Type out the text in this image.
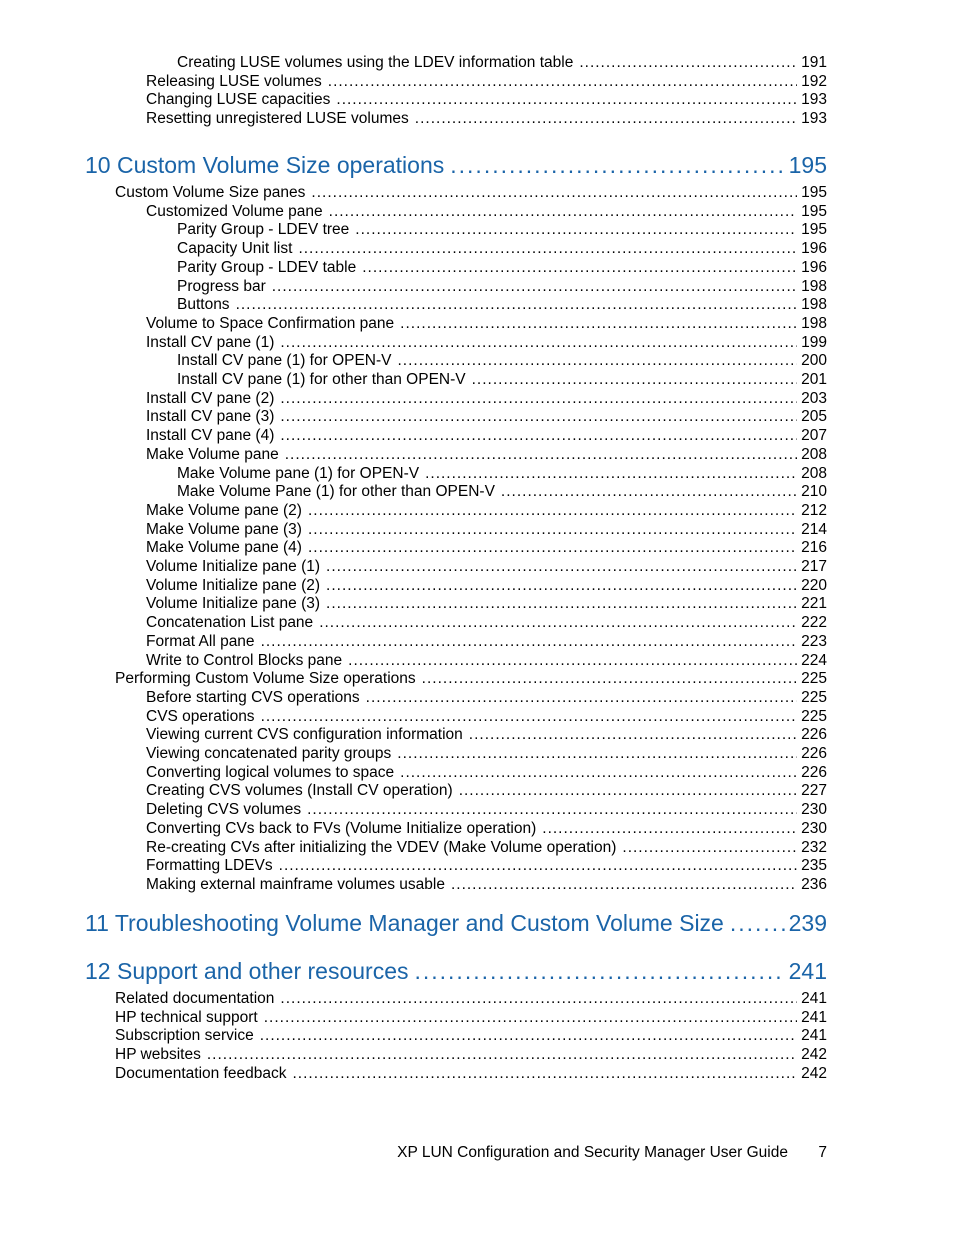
Creating LUSE volumes using the LDEV information table .....	191
Releasing LUSE volumes .....	192
Changing LUSE capacities .....	193
Resetting unregistered LUSE volumes .....	193
10 Custom Volume Size operations .....	195
Custom Volume Size panes .....	195
Customized Volume pane .....	195
Parity Group - LDEV tree .....	195
Capacity Unit list .....	196
Parity Group - LDEV table .....	196
Progress bar .....	198
Buttons .....	198
Volume to Space Confirmation pane .....	198
Install CV pane (1) .....	199
Install CV pane (1) for OPEN-V .....	200
Install CV pane (1) for other than OPEN-V .....	201
Install CV pane (2) .....	203
Install CV pane (3) .....	205
Install CV pane (4) .....	207
Make Volume pane .....	208
Make Volume pane (1) for OPEN-V .....	208
Make Volume Pane (1) for other than OPEN-V .....	210
Make Volume pane (2) .....	212
Make Volume pane (3) .....	214
Make Volume pane (4) .....	216
Volume Initialize pane (1) .....	217
Volume Initialize pane (2) .....	220
Volume Initialize pane (3) .....	221
Concatenation List pane .....	222
Format All pane .....	223
Write to Control Blocks pane .....	224
Performing Custom Volume Size operations .....	225
Before starting CVS operations .....	225
CVS operations .....	225
Viewing current CVS configuration information .....	226
Viewing concatenated parity groups .....	226
Converting logical volumes to space .....	226
Creating CVS volumes (Install CV operation) .....	227
Deleting CVS volumes .....	230
Converting CVs back to FVs (Volume Initialize operation) .....	230
Re-creating CVs after initializing the VDEV (Make Volume operation) .....	232
Formatting LDEVs .....	235
Making external mainframe volumes usable .....	236
11 Troubleshooting Volume Manager and Custom Volume Size .....	239
12 Support and other resources .....	241
Related documentation .....	241
HP technical support .....	241
Subscription service .....	241
HP websites .....	242
Documentation feedback .....	242
XP LUN Configuration and Security Manager User Guide 7
